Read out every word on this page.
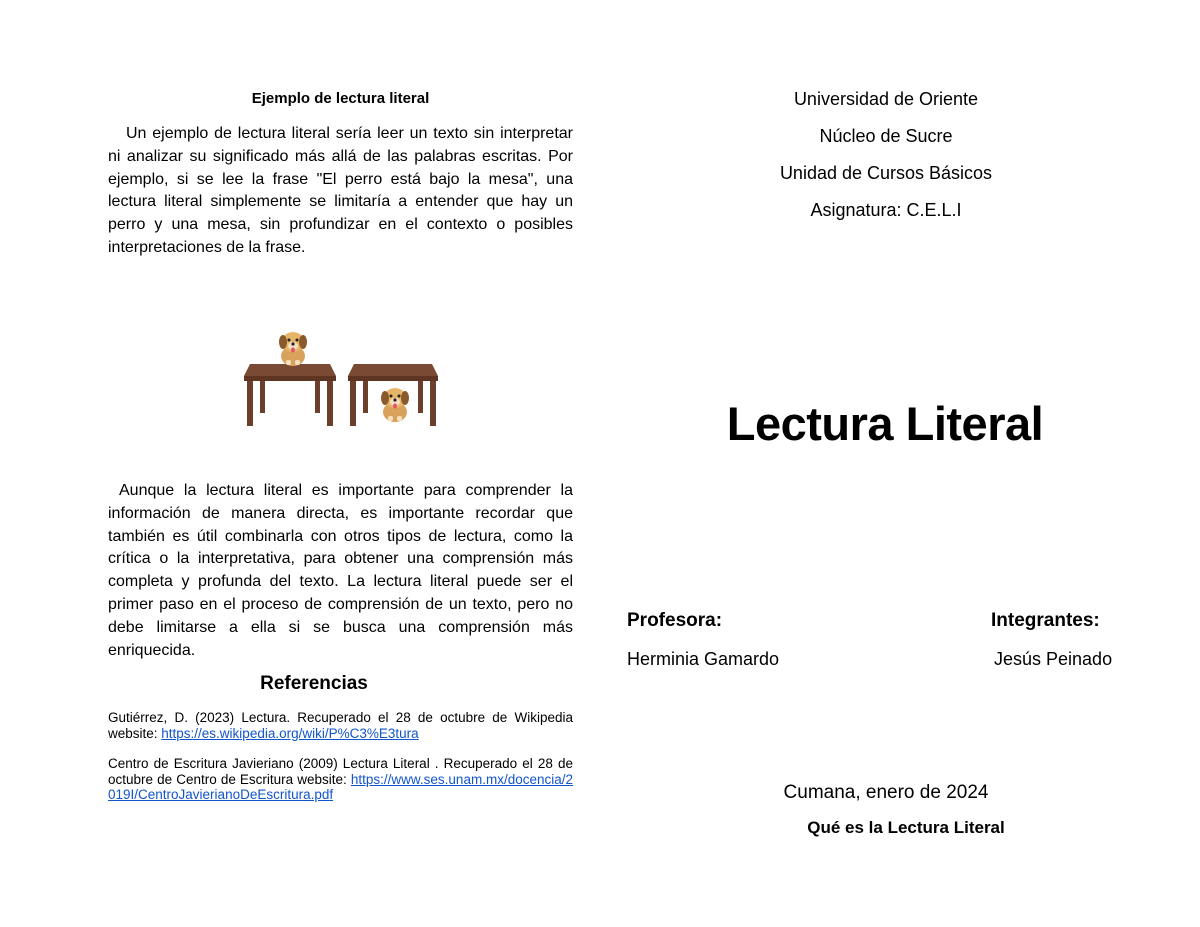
Ejemplo de lectura literal
Un ejemplo de lectura literal sería leer un texto sin interpretar ni analizar su significado más allá de las palabras escritas. Por ejemplo, si se lee la frase "El perro está bajo la mesa", una lectura literal simplemente se limitaría a entender que hay un perro y una mesa, sin profundizar en el contexto o posibles interpretaciones de la frase.
Aunque la lectura literal es importante para comprender la información de manera directa, es importante recordar que también es útil combinarla con otros tipos de lectura, como la crítica o la interpretativa, para obtener una comprensión más completa y profunda del texto. La lectura literal puede ser el primer paso en el proceso de comprensión de un texto, pero no debe limitarse a ella si se busca una comprensión más enriquecida.
Referencias
Gutiérrez, D. (2023) Lectura. Recuperado el 28 de octubre de Wikipedia website: https://es.wikipedia.org/wiki/P%C3%E3tura
Centro de Escritura Javieriano (2009) Lectura Literal . Recuperado el 28 de octubre de Centro de Escritura website: https://www.ses.unam.mx/docencia/2019I/CentroJavierianoDeEscritura.pdf
Universidad de Oriente
Núcleo de Sucre
Unidad de Cursos Básicos
Asignatura: C.E.L.I
Lectura Literal
Profesora:
Herminia Gamardo
Integrantes:
Jesús Peinado
Cumana, enero de 2024
Qué es la Lectura Literal
